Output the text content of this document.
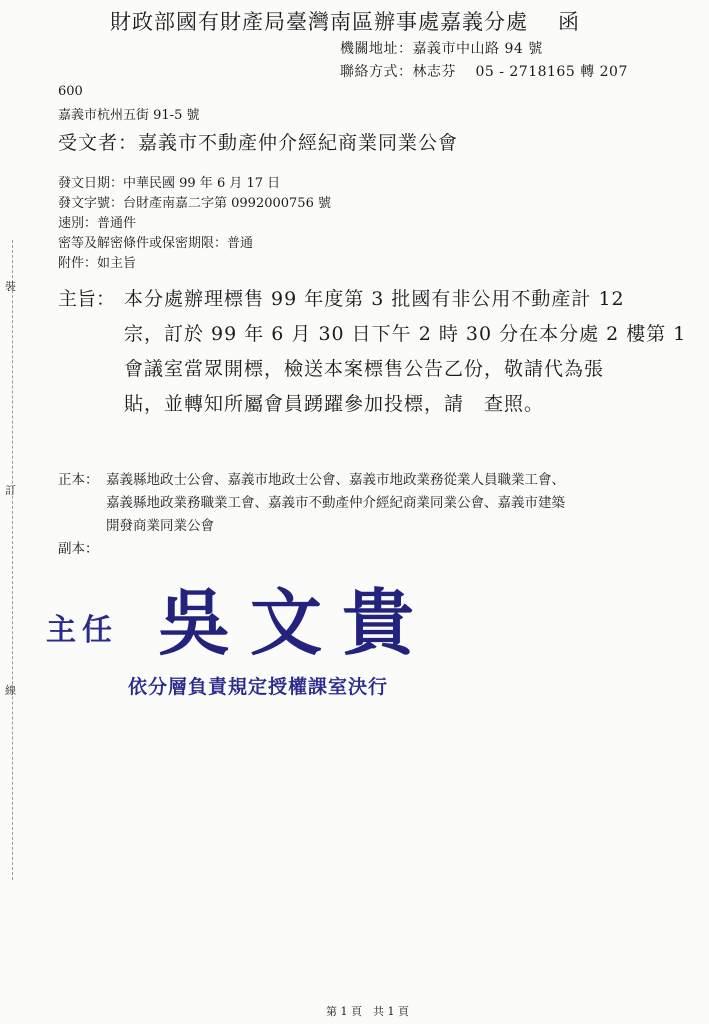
裝
訂
線
財政部國有財產局臺灣南區辦事處嘉義分處 函
機關地址：嘉義市中山路 94 號
聯絡方式：林志芬　 05 - 2718165 轉 207
600
嘉義市杭州五街 91-5 號
受文者：嘉義市不動產仲介經紀商業同業公會
發文日期：中華民國 99 年 6 月 17 日
發文字號：台財產南嘉二字第 0992000756 號
速別：普通件
密等及解密條件或保密期限：普通
附件：如主旨
主旨： 本分處辦理標售 99 年度第 3 批國有非公用不動產計 12
宗，訂於 99 年 6 月 30 日下午 2 時 30 分在本分處 2 樓第 1
會議室當眾開標，檢送本案標售公告乙份，敬請代為張
貼，並轉知所屬會員踴躍參加投標，請　查照。
正本： 嘉義縣地政士公會、嘉義市地政士公會、嘉義市地政業務從業人員職業工會、
嘉義縣地政業務職業工會、嘉義市不動產仲介經紀商業同業公會、嘉義市建築
開發商業同業公會
副本：
主任 吳文貴
依分層負責規定授權課室決行
第 1 頁　共 1 頁
